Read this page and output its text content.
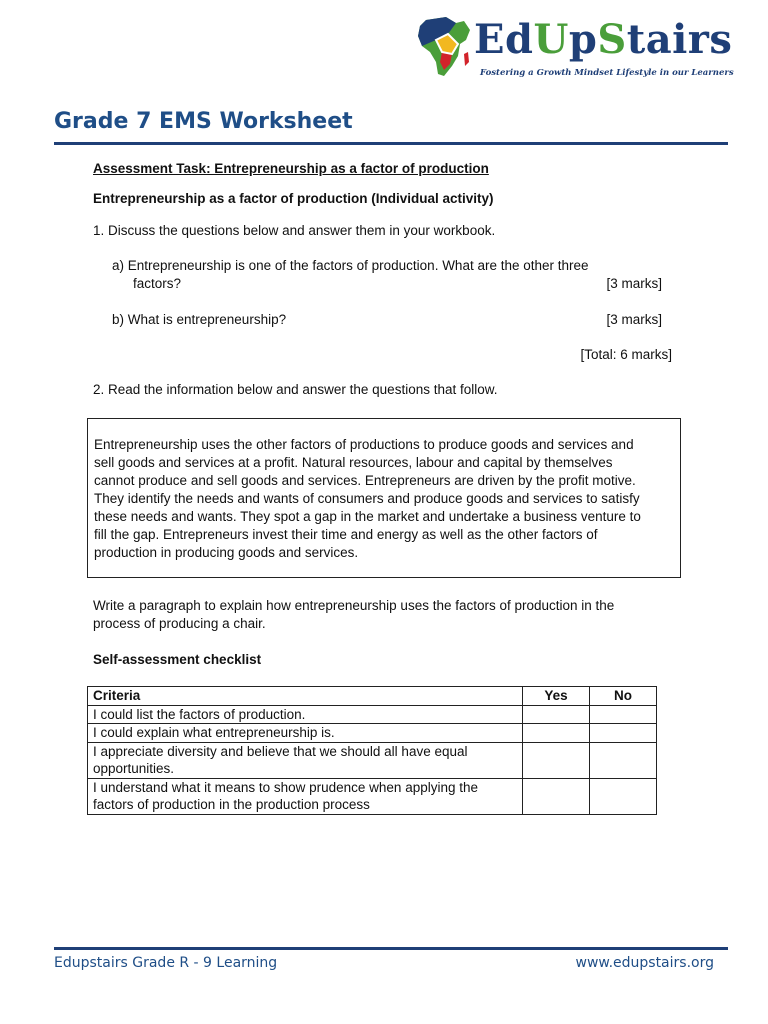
EdUpStairs
Fostering a Growth Mindset Lifestyle in our Learners
Grade 7 EMS Worksheet
Assessment Task: Entrepreneurship as a factor of production
Entrepreneurship as a factor of production (Individual activity)
1. Discuss the questions below and answer them in your workbook.
a) Entrepreneurship is one of the factors of production. What are the other three
factors?	[3 marks]
b) What is entrepreneurship?	[3 marks]
[Total: 6 marks]
2. Read the information below and answer the questions that follow.
Entrepreneurship uses the other factors of productions to produce goods and services and
sell goods and services at a profit. Natural resources, labour and capital by themselves
cannot produce and sell goods and services. Entrepreneurs are driven by the profit motive.
They identify the needs and wants of consumers and produce goods and services to satisfy
these needs and wants. They spot a gap in the market and undertake a business venture to
fill the gap. Entrepreneurs invest their time and energy as well as the other factors of
production in producing goods and services.
Write a paragraph to explain how entrepreneurship uses the factors of production in the
process of producing a chair.
Self-assessment checklist
Criteria	Yes	No

I could list the factors of production.		

I could explain what entrepreneurship is.		

I appreciate diversity and believe that we should all have equal
opportunities.		

I understand what it means to show prudence when applying the
factors of production in the production process		

Edupstairs Grade R - 9 Learning	www.edupstairs.org
